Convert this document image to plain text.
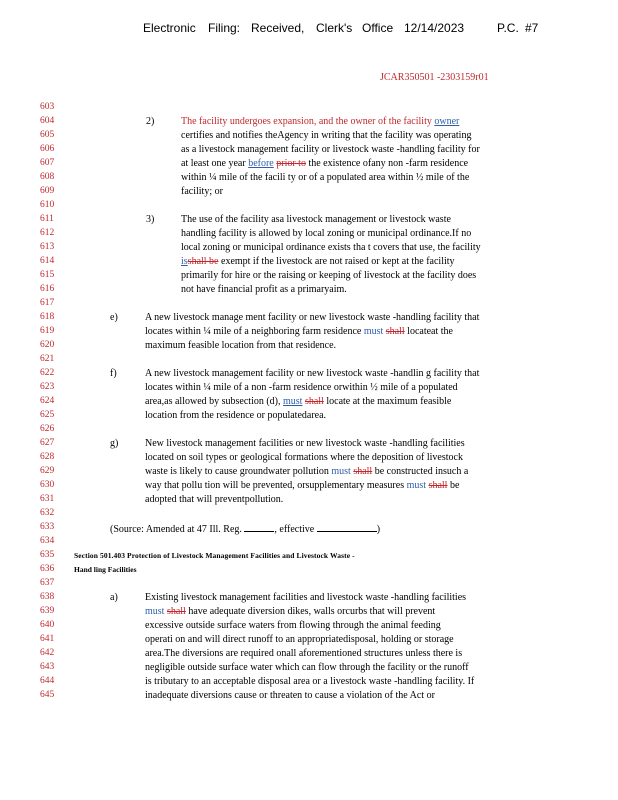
Electronic Filing: Received, Clerk's Office 12/14/2023	P.C. #7
JCAR350501 -2303159r01
603
604
605
606
607
608
609
610
611
612
613
614
615
616
617
618
619
620
621
622
623
624
625
626
627
628
629
630
631
632
633
634
635
636
637
638
639
640
641
642
643
644
645
2)	The facility undergoes expansion, and the owner of the facility owner
certifies and notifies theAgency in writing that the facility was operating
as a livestock management facility or livestock waste -handling facility for
at least one year before prior to the existence ofany non -farm residence
within ¼ mile of the facili ty or of a populated area within ½ mile of the
facility; or
3)	The use of the facility asa livestock management or livestock waste
handling facility is allowed by local zoning or municipal ordinance.If no
local zoning or municipal ordinance exists tha t covers that use, the facility
isshall be exempt if the livestock are not raised or kept at the facility
primarily for hire or the raising or keeping of livestock at the facility does
not have financial profit as a primaryaim.
e)	A new livestock manage ment facility or new livestock waste -handling facility that
locates within ¼ mile of a neighboring farm residence must shall locateat the
maximum feasible location from that residence.
f)	A new livestock management facility or new livestock waste -handlin g facility that
locates within ¼ mile of a non -farm residence orwithin ½ mile of a populated
area,as allowed by subsection (d), must shall locate at the maximum feasible
location from the residence or populatedarea.
g)	New livestock management facilities or new livestock waste -handling facilities
located on soil types or geological formations where the deposition of livestock
waste is likely to cause groundwater pollution must shall be constructed insuch a
way that pollu tion will be prevented, orsupplementary measures must shall be
adopted that will preventpollution.
(Source: Amended at 47 Ill. Reg.	, effective	)
Section 501.403 Protection of Livestock Management Facilities and Livestock Waste -
Hand ling Facilities
a)	Existing livestock management facilities and livestock waste -handling facilities
must shall have adequate diversion dikes, walls orcurbs that will prevent
excessive outside surface waters from flowing through the animal feeding
operati on and will direct runoff to an appropriatedisposal, holding or storage
area.The diversions are required onall aforementioned structures unless there is
negligible outside surface water which can flow through the facility or the runoff
is tributary to an acceptable disposal area or a livestock waste -handling facility. If
inadequate diversions cause or threaten to cause a violation of the Act or
